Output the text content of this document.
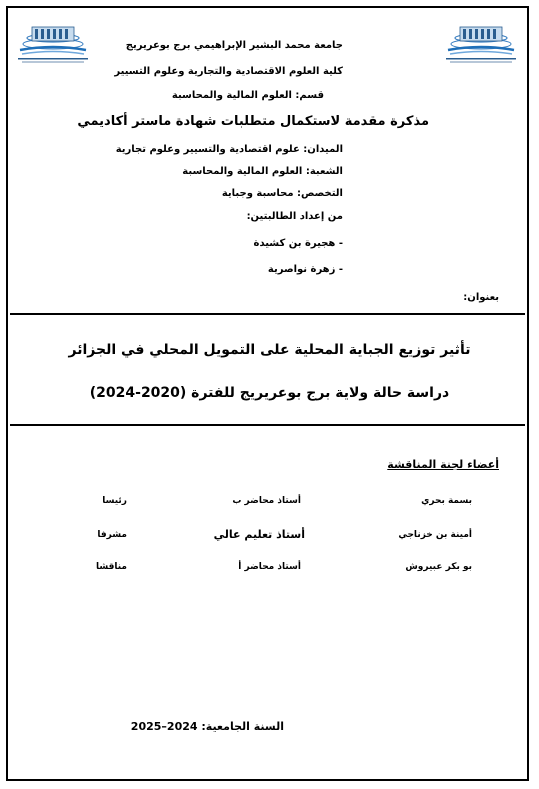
جامعة محمد البشير الإبراهيمي برج بوعريريج
كلية العلوم الاقتصادية والتجارية وعلوم التسيير
قسم: العلوم المالية والمحاسبة
مذكرة مقدمة لاستكمال متطلبات شهادة ماستر أكاديمي
الميدان: علوم اقتصادية والتسيير وعلوم تجارية
الشعبة: العلوم المالية والمحاسبة
التخصص: محاسبة وجباية
من إعداد الطالبتين:
- هجيرة بن كشيدة
- زهرة نواصرية
بعنوان:
تأثير توزيع الجباية المحلية على التمويل المحلي في الجزائر
دراسة حالة ولاية برج بوعريريج للفترة (2020-2024)
أعضاء لجنة المناقشة
بسمة بحري
أستاذ محاضر ب
رئيسا
أمينة بن خزناجي
أستاذ تعليم عالي
مشرفا
بو بكر عبيروش
أستاذ محاضر أ
مناقشا
السنة الجامعية: 2024–2025
